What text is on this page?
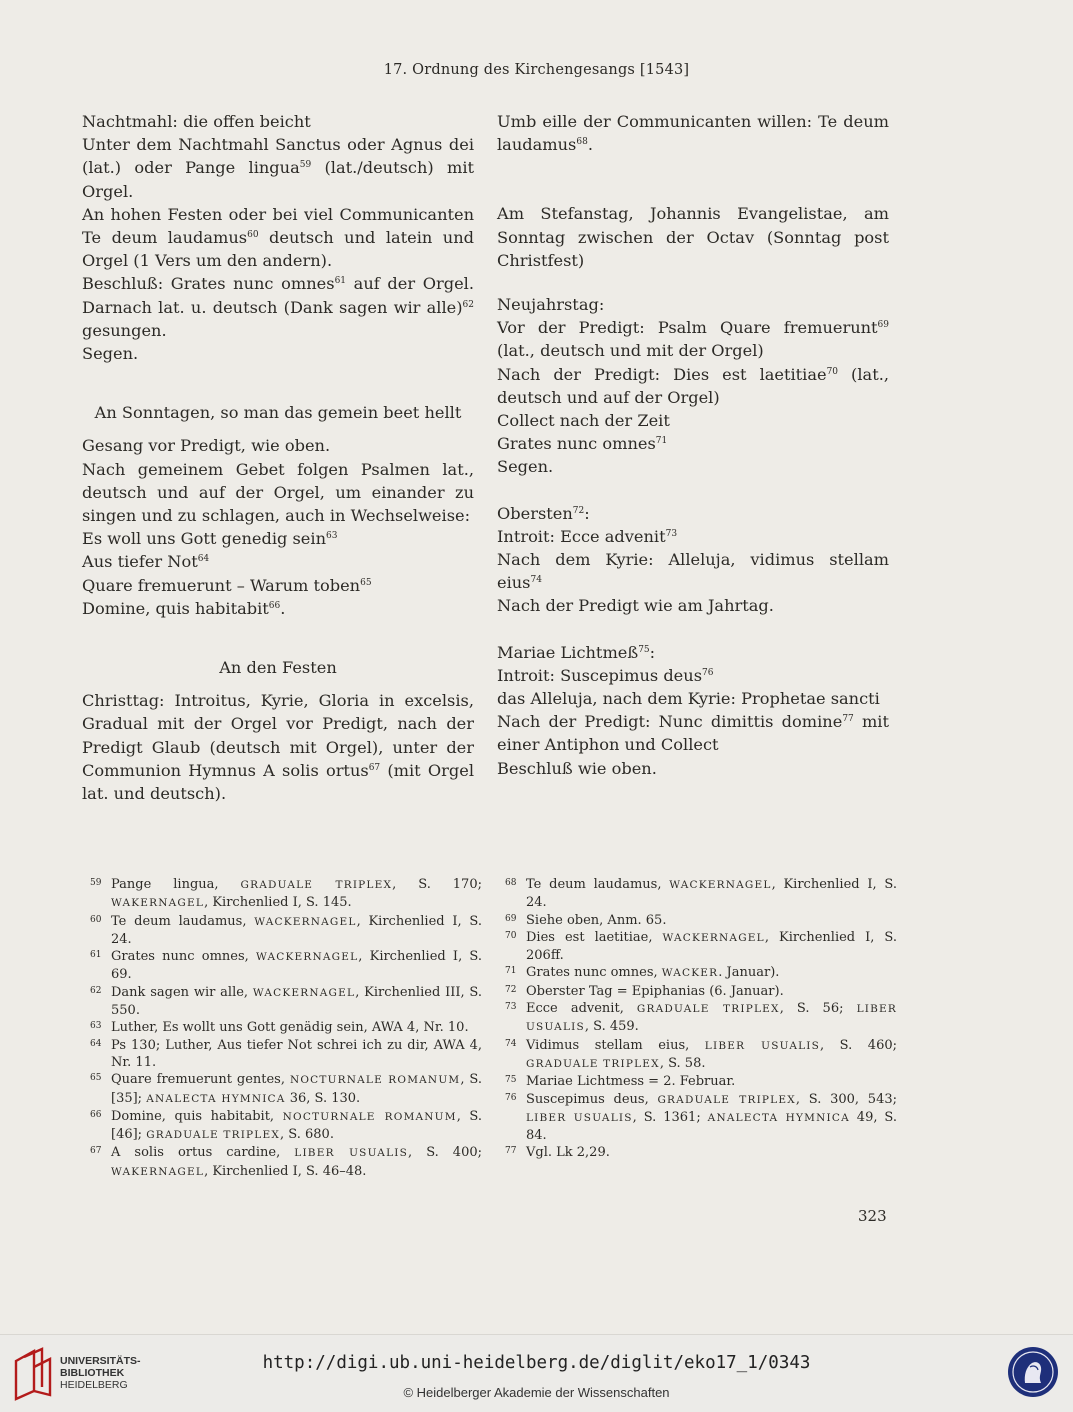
17. Ordnung des Kirchengesangs [1543]

Nachtmahl: die offen beicht

Unter dem Nachtmahl Sanctus oder Agnus dei (lat.) oder Pange lingua$^{59}$ (lat./deutsch) mit Orgel.

An hohen Festen oder bei viel Communicanten Te deum laudamus$^{60}$ deutsch und latein und Orgel (1 Vers um den andern).

Beschluß: Grates nunc omnes$^{61}$ auf der Orgel. Darnach lat. u. deutsch (Dank sagen wir alle)$^{62}$ gesungen.

Segen.

An Sonntagen, so man das gemein beet hellt

Gesang vor Predigt, wie oben.

Nach gemeinem Gebet folgen Psalmen lat., deutsch und auf der Orgel, um einander zu singen und zu schlagen, auch in Wechselweise:

Es woll uns Gott genedig sein$^{63}$

Aus tiefer Not$^{64}$

Quare fremuerunt – Warum toben$^{65}$

Domine, quis habitabit$^{66}$.

An den Festen

Christtag: Introitus, Kyrie, Gloria in excelsis, Gradual mit der Orgel vor Predigt, nach der Predigt Glaub (deutsch mit Orgel), unter der Communion Hymnus A solis ortus$^{67}$ (mit Orgel lat. und deutsch).

Umb eille der Communicanten willen: Te deum laudamus$^{68}$.

Am Stefanstag, Johannis Evangelistae, am Sonntag zwischen der Octav (Sonntag post Christfest)

Neujahrstag:

Vor der Predigt: Psalm Quare fremuerunt$^{69}$ (lat., deutsch und mit der Orgel)

Nach der Predigt: Dies est laetitiae$^{70}$ (lat., deutsch und auf der Orgel)

Collect nach der Zeit

Grates nunc omnes$^{71}$

Segen.

Obersten$^{72}$:

Introit: Ecce advenit$^{73}$

Nach dem Kyrie: Alleluja, vidimus stellam eius$^{74}$

Nach der Predigt wie am Jahrtag.

Mariae Lichtmeß$^{75}$:

Introit: Suscepimus deus$^{76}$

das Alleluja, nach dem Kyrie: Prophetae sancti

Nach der Predigt: Nunc dimittis domine$^{77}$ mit einer Antiphon und Collect

Beschluß wie oben.

59 Pange lingua, GRADUALE TRIPLEX, S. 170; WAKERNAGEL, Kirchenlied I, S. 145.

60 Te deum laudamus, WACKERNAGEL, Kirchenlied I, S. 24.

61 Grates nunc omnes, WACKERNAGEL, Kirchenlied I, S. 69.

62 Dank sagen wir alle, WACKERNAGEL, Kirchenlied III, S. 550.

63 Luther, Es wollt uns Gott genädig sein, AWA 4, Nr. 10.

64 Ps 130; Luther, Aus tiefer Not schrei ich zu dir, AWA 4, Nr. 11.

65 Quare fremuerunt gentes, NOCTURNALE ROMANUM, S. [35]; ANALECTA HYMNICA 36, S. 130.

66 Domine, quis habitabit, NOCTURNALE ROMANUM, S. [46]; GRADUALE TRIPLEX, S. 680.

67 A solis ortus cardine, LIBER USUALIS, S. 400; WAKERNAGEL, Kirchenlied I, S. 46–48.

68 Te deum laudamus, WACKERNAGEL, Kirchenlied I, S. 24.

69 Siehe oben, Anm. 65.

70 Dies est laetitiae, WACKERNAGEL, Kirchenlied I, S. 206ff.

71 Grates nunc omnes, WACKER. Januar).

72 Oberster Tag = Epiphanias (6. Januar).

73 Ecce advenit, GRADUALE TRIPLEX, S. 56; LIBER USUALIS, S. 459.

74 Vidimus stellam eius, LIBER USUALIS, S. 460; GRADUALE TRIPLEX, S. 58.

75 Mariae Lichtmess = 2. Februar.

76 Suscepimus deus, GRADUALE TRIPLEX, S. 300, 543; LIBER USUALIS, S. 1361; ANALECTA HYMNICA 49, S. 84.

77 Vgl. Lk 2,29.

323
UNIVERSITÄTS-
BIBLIOTHEK
HEIDELBERG
http://digi.ub.uni-heidelberg.de/diglit/eko17_1/0343
© Heidelberger Akademie der Wissenschaften
